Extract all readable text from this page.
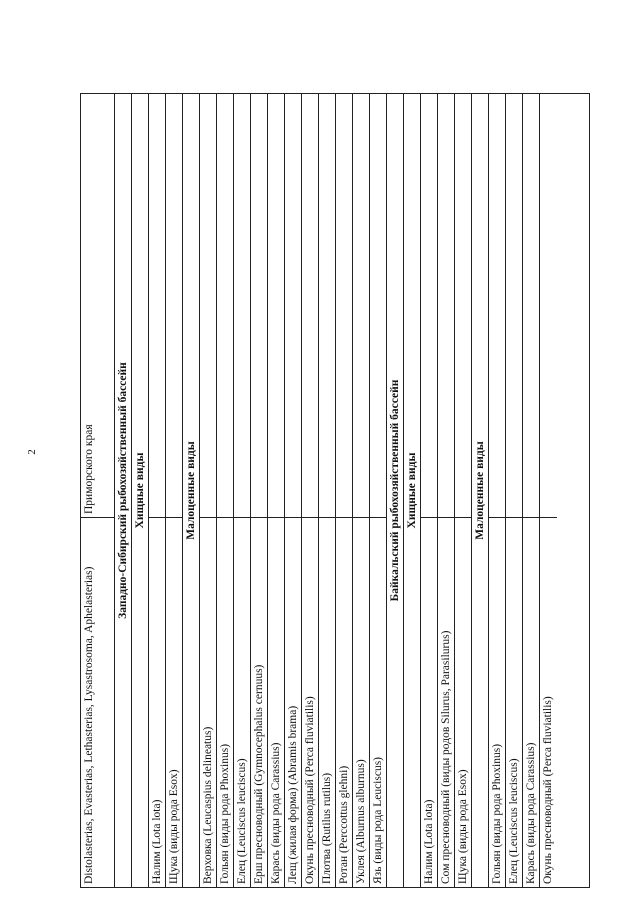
2
Distolasterias, Evasterias, Lethasterias, Lysastrosoma, Aphelasterias)
Приморского края	Западно-Сибирский рыбохозяйственный бассейн Хищные виды
Налим (Lota lota) Щука (виды рода Esox)
Малоценные виды
Верховка (Leucaspius delineatus) Гольян (виды рода Phoxinus) Елец (Leuciscus leuciscus) Ерш пресноводный (Gymnocephalus cernuus) Карась (виды рода Carassius) Лещ (жилая форма) (Abramis brama) Окунь пресноводный (Perca fluviatilis) Плотва (Rutilus rutilus) Ротан (Perccottus glehni) Уклея (Alburnus alburnus) Язь (виды рода Leuciscus)
Байкальский рыбохозяйственный бассейн Хищные виды
Налим (Lota lota) Сом пресноводный (виды родов Silurus, Parasilurus) Щука (виды рода Esox)
Малоценные виды
Гольян (виды рода Phoxinus) Елец (Leuciscus leuciscus) Карась (виды рода Carassius) Окунь пресноводный (Perca fluviatilis)
